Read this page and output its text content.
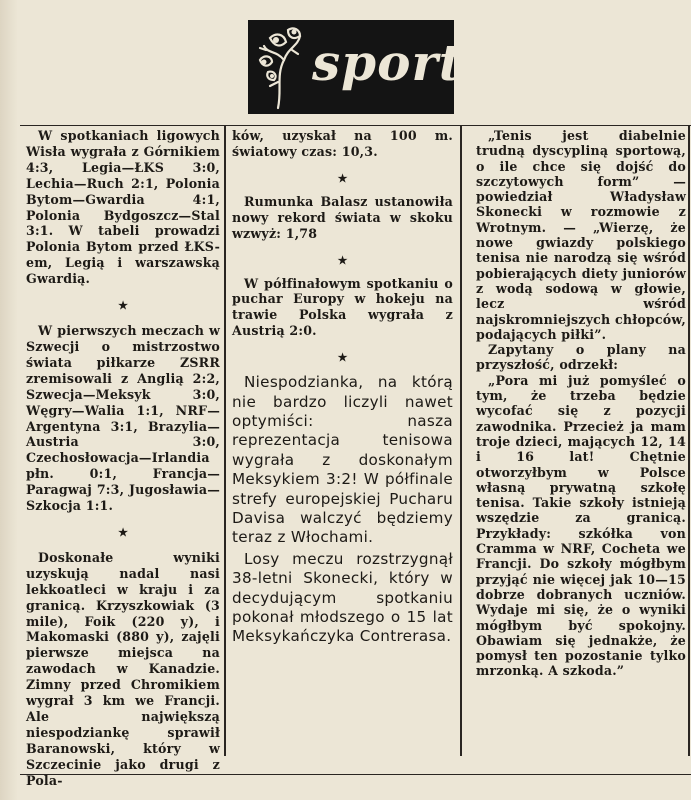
sport

W spotkaniach ligowych Wisła wygrała z Górnikiem 4:3, Legia—ŁKS 3:0, Lechia—Ruch 2:1, Polonia Bytom—Gwardia 4:1, Polonia Bydgoszcz—Stal 3:1. W tabeli prowadzi Polonia Bytom przed ŁKS-em, Legią i warszawską Gwardią.

★

W pierwszych meczach w Szwecji o mistrzostwo świata piłkarze ZSRR zremisowali z Anglią 2:2, Szwecja—Meksyk 3:0, Węgry—Walia 1:1, NRF—Argentyna 3:1, Brazylia—Austria 3:0, Czechosłowacja—Irlandia płn. 0:1, Francja—Paragwaj 7:3, Jugosławia—Szkocja 1:1.

★

Doskonałe wyniki uzyskują nadal nasi lekkoatleci w kraju i za granicą. Krzyszkowiak (3 mile), Foik (220 y), i Makomaski (880 y), zajęli pierwsze miejsca na zawodach w Kanadzie. Zimny przed Chromikiem wygrał 3 km we Francji. Ale największą niespodziankę sprawił Baranowski, który w Szczecinie jako drugi z Pola-

ków, uzyskał na 100 m. światowy czas: 10,3.

★

Rumunka Balasz ustanowiła nowy rekord świata w skoku wzwyż: 1,78

★

W półfinałowym spotkaniu o puchar Europy w hokeju na trawie Polska wygrała z Austrią 2:0.

★

Niespodzianka, na którą nie bardzo liczyli nawet optymiści: nasza reprezentacja tenisowa wygrała z doskonałym Meksykiem 3:2! W półfinale strefy europejskiej Pucharu Davisa walczyć będziemy teraz z Włochami.

Losy meczu rozstrzygnął 38-letni Skonecki, który w decydującym spotkaniu pokonał młodszego o 15 lat Meksykańczyka Contrerasa.

„Tenis jest diabelnie trudną dyscypliną sportową, o ile chce się dojść do szczytowych form” — powiedział Władysław Skonecki w rozmowie z Wrotnym. — „Wierzę, że nowe gwiazdy polskiego tenisa nie narodzą się wśród pobierających diety juniorów z wodą sodową w głowie, lecz wśród najskromniejszych chłopców, podających piłki”.

Zapytany o plany na przyszłość, odrzekł:

„Pora mi już pomyśleć o tym, że trzeba będzie wycofać się z pozycji zawodnika. Przecież ja mam troje dzieci, mających 12, 14 i 16 lat! Chętnie otworzyłbym w Polsce własną prywatną szkołę tenisa. Takie szkoły istnieją wszędzie za granicą. Przykłady: szkółka von Cramma w NRF, Cocheta we Francji. Do szkoły mógłbym przyjąć nie więcej jak 10—15 dobrze dobranych uczniów. Wydaje mi się, że o wyniki mógłbym być spokojny. Obawiam się jednakże, że pomysł ten pozostanie tylko mrzonką. A szkoda.”
